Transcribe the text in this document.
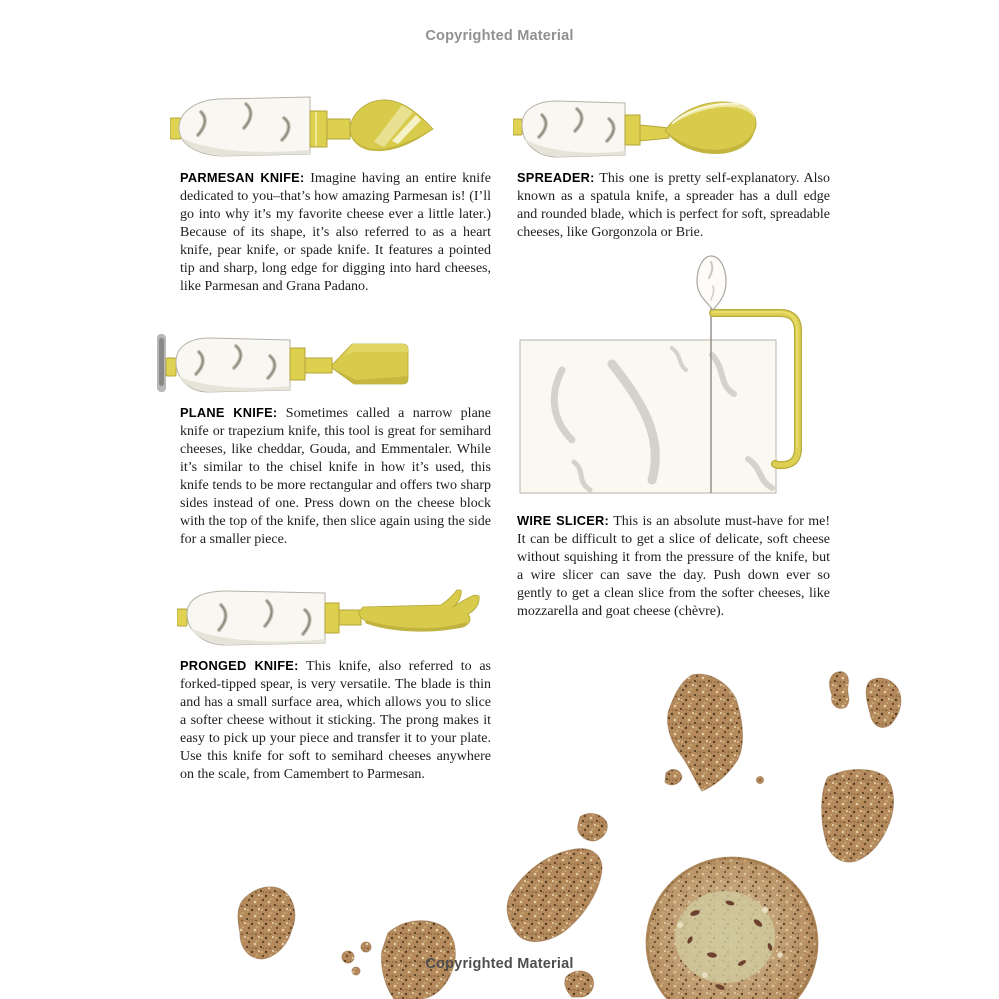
Copyrighted Material
PARMESAN KNIFE: Imagine having an entire knife dedicated to you–that’s how amazing Parmesan is! (I’ll go into why it’s my favorite cheese ever a little later.) Because of its shape, it’s also referred to as a heart knife, pear knife, or spade knife. It features a pointed tip and sharp, long edge for digging into hard cheeses, like Parmesan and Grana Padano.
SPREADER: This one is pretty self-explanatory. Also known as a spatula knife, a spreader has a dull edge and rounded blade, which is perfect for soft, spreadable cheeses, like Gorgonzola or Brie.
PLANE KNIFE: Sometimes called a narrow plane knife or trapezium knife, this tool is great for semihard cheeses, like cheddar, Gouda, and Emmentaler. While it’s similar to the chisel knife in how it’s used, this knife tends to be more rectangular and offers two sharp sides instead of one. Press down on the cheese block with the top of the knife, then slice again using the side for a smaller piece.
WIRE SLICER: This is an absolute must-have for me! It can be difficult to get a slice of delicate, soft cheese without squishing it from the pressure of the knife, but a wire slicer can save the day. Push down ever so gently to get a clean slice from the softer cheeses, like mozzarella and goat cheese (chèvre).
PRONGED KNIFE: This knife, also referred to as forked-tipped spear, is very versatile. The blade is thin and has a small surface area, which allows you to slice a softer cheese without it sticking. The prong makes it easy to pick up your piece and transfer it to your plate. Use this knife for soft to semihard cheeses anywhere on the scale, from Camembert to Parmesan.
Copyrighted Material
